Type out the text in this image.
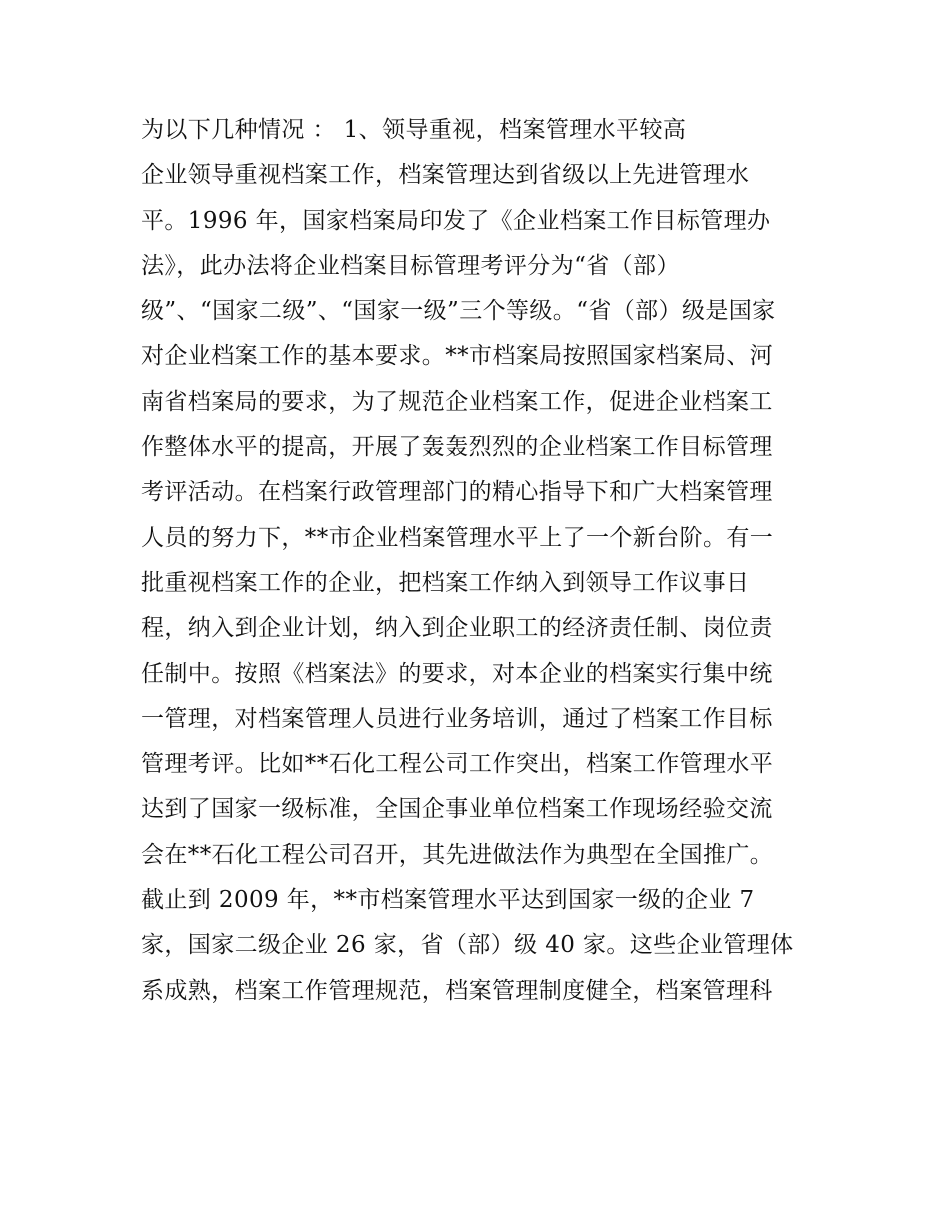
为以下几种情况 ： 1、领导重视，档案管理水平较高
企业领导重视档案工作，档案管理达到省级以上先进管理水
平。1996 年，国家档案局印发了《企业档案工作目标管理办
法》，此办法将企业档案目标管理考评分为“省（部）
级”、“国家二级”、“国家一级”三个等级。“省（部）级是国家
对企业档案工作的基本要求。**市档案局按照国家档案局、河
南省档案局的要求，为了规范企业档案工作，促进企业档案工
作整体水平的提高，开展了轰轰烈烈的企业档案工作目标管理
考评活动。在档案行政管理部门的精心指导下和广大档案管理
人员的努力下，**市企业档案管理水平上了一个新台阶。有一
批重视档案工作的企业，把档案工作纳入到领导工作议事日
程，纳入到企业计划，纳入到企业职工的经济责任制、岗位责
任制中。按照《档案法》的要求，对本企业的档案实行集中统
一管理，对档案管理人员进行业务培训，通过了档案工作目标
管理考评。比如**石化工程公司工作突出，档案工作管理水平
达到了国家一级标准，全国企事业单位档案工作现场经验交流
会在**石化工程公司召开，其先进做法作为典型在全国推广。
截止到 2009 年，**市档案管理水平达到国家一级的企业 7
家，国家二级企业 26 家，省（部）级 40 家。这些企业管理体
系成熟，档案工作管理规范，档案管理制度健全，档案管理科
